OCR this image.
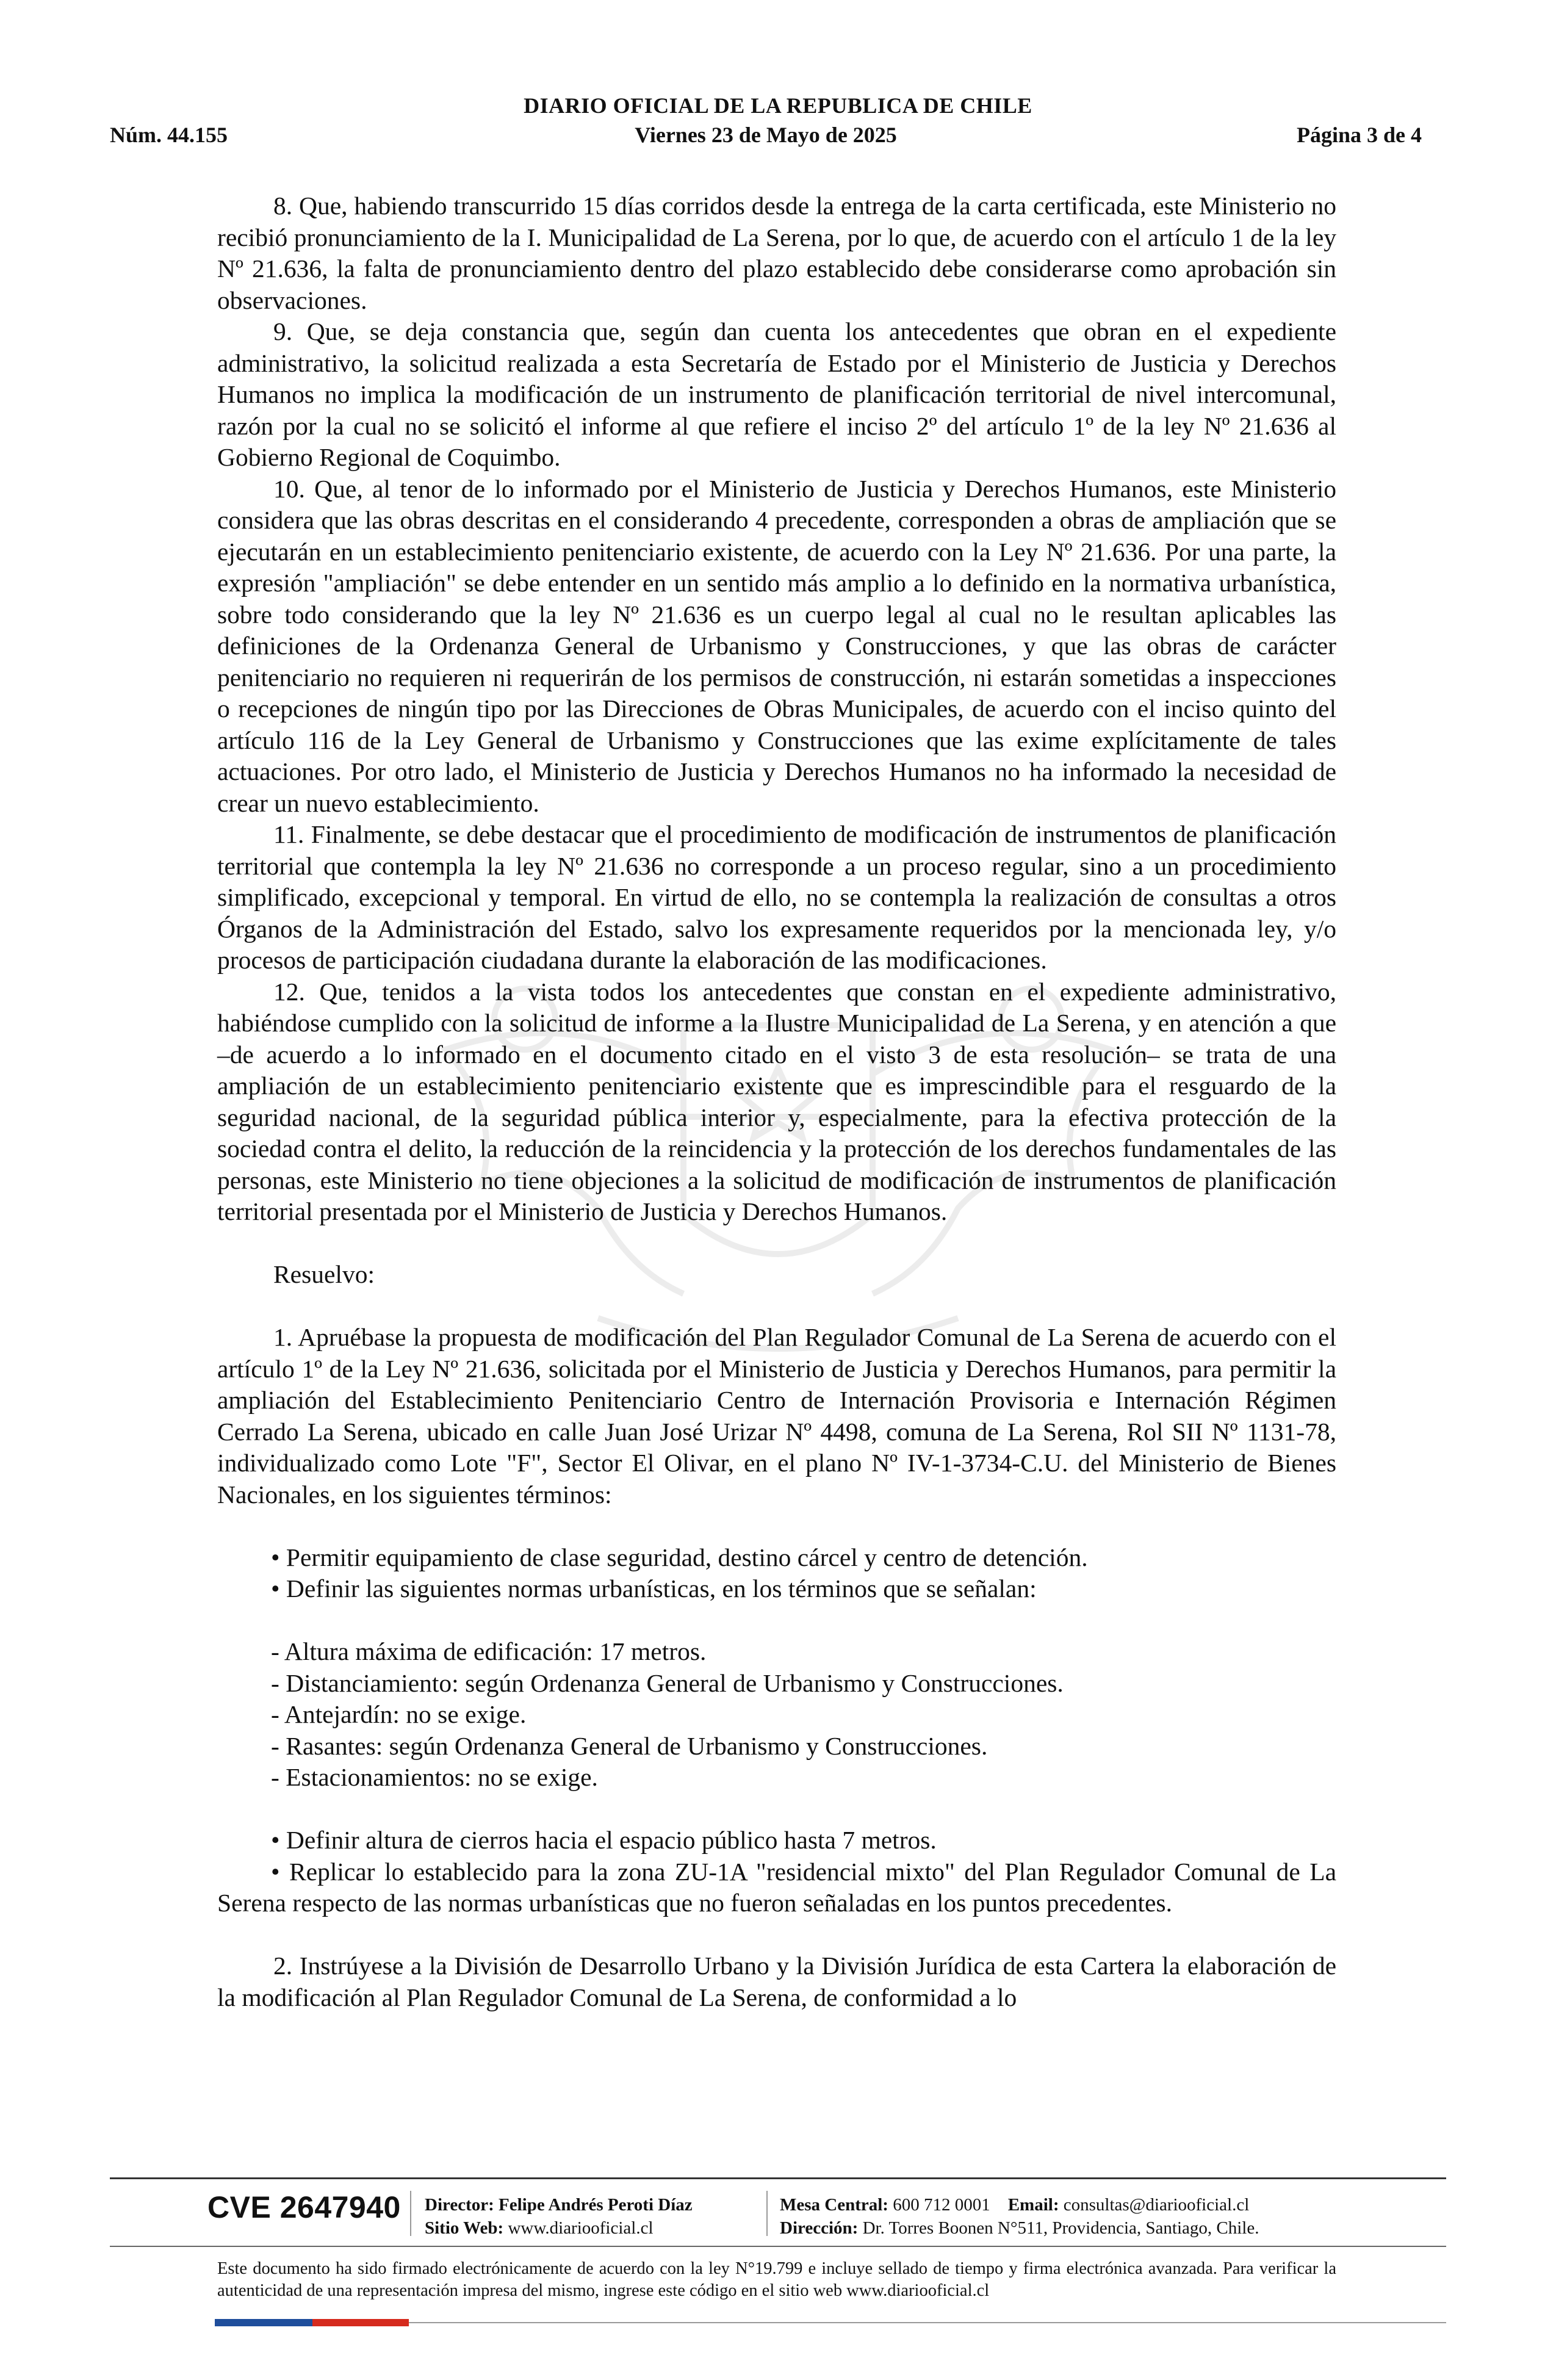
DIARIO OFICIAL DE LA REPUBLICA DE CHILE
Núm. 44.155	Viernes 23 de Mayo de 2025	Página 3 de 4

8. Que, habiendo transcurrido 15 días corridos desde la entrega de la carta certificada, este Ministerio no recibió pronunciamiento de la I. Municipalidad de La Serena, por lo que, de acuerdo con el artículo 1 de la ley Nº 21.636, la falta de pronunciamiento dentro del plazo establecido debe considerarse como aprobación sin observaciones.

9. Que, se deja constancia que, según dan cuenta los antecedentes que obran en el expediente administrativo, la solicitud realizada a esta Secretaría de Estado por el Ministerio de Justicia y Derechos Humanos no implica la modificación de un instrumento de planificación territorial de nivel intercomunal, razón por la cual no se solicitó el informe al que refiere el inciso 2º del artículo 1º de la ley Nº 21.636 al Gobierno Regional de Coquimbo.

10. Que, al tenor de lo informado por el Ministerio de Justicia y Derechos Humanos, este Ministerio considera que las obras descritas en el considerando 4 precedente, corresponden a obras de ampliación que se ejecutarán en un establecimiento penitenciario existente, de acuerdo con la Ley Nº 21.636. Por una parte, la expresión "ampliación" se debe entender en un sentido más amplio a lo definido en la normativa urbanística, sobre todo considerando que la ley Nº 21.636 es un cuerpo legal al cual no le resultan aplicables las definiciones de la Ordenanza General de Urbanismo y Construcciones, y que las obras de carácter penitenciario no requieren ni requerirán de los permisos de construcción, ni estarán sometidas a inspecciones o recepciones de ningún tipo por las Direcciones de Obras Municipales, de acuerdo con el inciso quinto del artículo 116 de la Ley General de Urbanismo y Construcciones que las exime explícitamente de tales actuaciones. Por otro lado, el Ministerio de Justicia y Derechos Humanos no ha informado la necesidad de crear un nuevo establecimiento.

11. Finalmente, se debe destacar que el procedimiento de modificación de instrumentos de planificación territorial que contempla la ley Nº 21.636 no corresponde a un proceso regular, sino a un procedimiento simplificado, excepcional y temporal. En virtud de ello, no se contempla la realización de consultas a otros Órganos de la Administración del Estado, salvo los expresamente requeridos por la mencionada ley, y/o procesos de participación ciudadana durante la elaboración de las modificaciones.

12. Que, tenidos a la vista todos los antecedentes que constan en el expediente administrativo, habiéndose cumplido con la solicitud de informe a la Ilustre Municipalidad de La Serena, y en atención a que –de acuerdo a lo informado en el documento citado en el visto 3 de esta resolución– se trata de una ampliación de un establecimiento penitenciario existente que es imprescindible para el resguardo de la seguridad nacional, de la seguridad pública interior y, especialmente, para la efectiva protección de la sociedad contra el delito, la reducción de la reincidencia y la protección de los derechos fundamentales de las personas, este Ministerio no tiene objeciones a la solicitud de modificación de instrumentos de planificación territorial presentada por el Ministerio de Justicia y Derechos Humanos.

Resuelvo:

1. Apruébase la propuesta de modificación del Plan Regulador Comunal de La Serena de acuerdo con el artículo 1º de la Ley Nº 21.636, solicitada por el Ministerio de Justicia y Derechos Humanos, para permitir la ampliación del Establecimiento Penitenciario Centro de Internación Provisoria e Internación Régimen Cerrado La Serena, ubicado en calle Juan José Urizar Nº 4498, comuna de La Serena, Rol SII Nº 1131-78, individualizado como Lote "F", Sector El Olivar, en el plano Nº IV-1-3734-C.U. del Ministerio de Bienes Nacionales, en los siguientes términos:

• Permitir equipamiento de clase seguridad, destino cárcel y centro de detención.

• Definir las siguientes normas urbanísticas, en los términos que se señalan:

- Altura máxima de edificación: 17 metros.

- Distanciamiento: según Ordenanza General de Urbanismo y Construcciones.

- Antejardín: no se exige.

- Rasantes: según Ordenanza General de Urbanismo y Construcciones.

- Estacionamientos: no se exige.

• Definir altura de cierros hacia el espacio público hasta 7 metros.

• Replicar lo establecido para la zona ZU-1A "residencial mixto" del Plan Regulador Comunal de La Serena respecto de las normas urbanísticas que no fueron señaladas en los puntos precedentes.

2. Instrúyese a la División de Desarrollo Urbano y la División Jurídica de esta Cartera la elaboración de la modificación al Plan Regulador Comunal de La Serena, de conformidad a lo

CVE 2647940 Director: Felipe Andrés Peroti Díaz
Sitio Web: www.diariooficial.cl
Mesa Central: 600 712 0001 Email: consultas@diariooficial.cl
Dirección: Dr. Torres Boonen N°511, Providencia, Santiago, Chile.
Este documento ha sido firmado electrónicamente de acuerdo con la ley N°19.799 e incluye sellado de tiempo y firma electrónica avanzada. Para verificar la autenticidad de una representación impresa del mismo, ingrese este código en el sitio web www.diariooficial.cl
